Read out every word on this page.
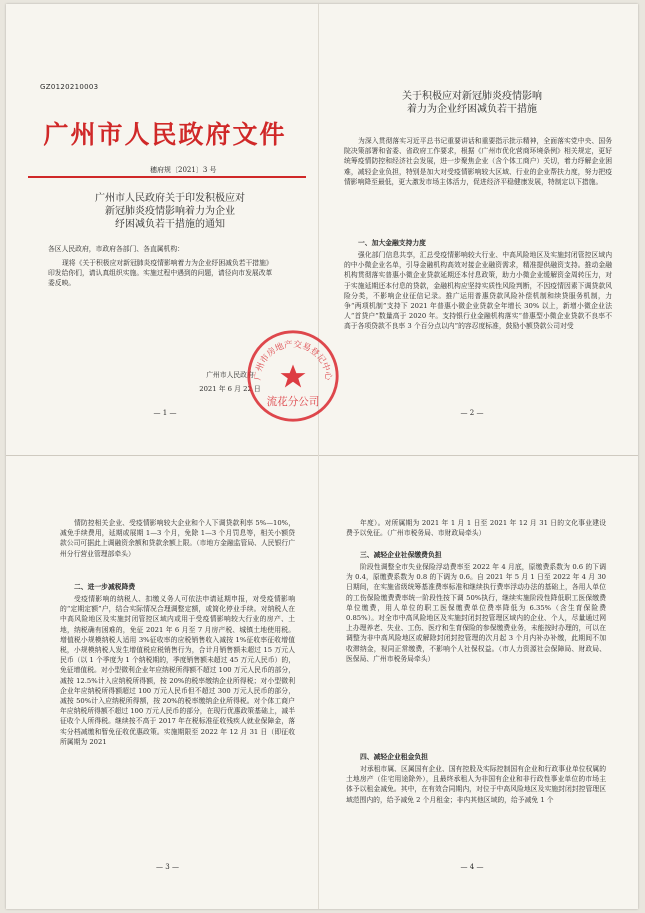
GZ0120210003
广州市人民政府文件
穗府规〔2021〕3 号
广州市人民政府关于印发积极应对
新冠肺炎疫情影响着力为企业
纾困减负若干措施的通知
各区人民政府，市政府各部门、各直属机构：
现将《关于积极应对新冠肺炎疫情影响着力为企业纾困减负若干措施》印发给你们，请认真组织实施。实施过程中遇到的问题，请径向市发展改革委反映。
广州市人民政府
2021 年 6 月 22 日
— 1 —
关于积极应对新冠肺炎疫情影响
着力为企业纾困减负若干措施
为深入贯彻落实习近平总书记重要讲话和重要指示批示精神，全面落实党中央、国务院决策部署和省委、省政府工作要求，根据《广州市优化营商环境条例》相关规定，更好统筹疫情防控和经济社会发展，进一步聚焦企业（含个体工商户）关切，着力纾解企业困难，减轻企业负担，特别是加大对受疫情影响较大区域、行业的企业帮扶力度，努力把疫情影响降至最低，更大激发市场主体活力，促进经济平稳健康发展，特制定以下措施。
一、加大金融支持力度
强化部门信息共享，汇总受疫情影响较大行业、中高风险地区及实施封闭管控区域内的中小微企业名单，引导金融机构高效对接企业融资需求，精准提供融资支持。推动金融机构贯彻落实普惠小微企业贷款延期还本付息政策，助力小微企业缓解资金周转压力，对于实施延期还本付息的贷款，金融机构应坚持实质性风险判断，不因疫情因素下调贷款风险分类，不影响企业征信记录。推广运用普惠贷款风险补偿机制和续贷服务机制，力争“两项机制”支持下 2021 年普惠小微企业贷款全年增长 30% 以上，新增小微企业法人“首贷户”数量高于 2020 年。支持银行业金融机构落实“普惠型小微企业贷款不良率不高于各项贷款不良率 3 个百分点以内”的容忍度标准，鼓励小额贷款公司对受
— 2 —
情防控相关企业、受疫情影响较大企业和个人下调贷款利率 5%—10%，减免手续费用，延期或展期 1—3 个月，免除 1—3 个月罚息等，相关小额贷款公司可据此上调融资余额和贷款余额上限。（市地方金融监管局、人民银行广州分行营业管理部牵头）
二、进一步减税降费
受疫情影响的纳税人、扣缴义务人可依法申请延期申报，对受疫情影响的“定期定额”户，结合实际情况合理调整定额，或简化停业手续。对纳税人在中高风险地区及实施封闭管控区域内或用于受疫情影响较大行业的房产、土地，纳税确有困难的，免征 2021 年 6 月至 7 月房产税、城镇土地使用税。增值税小规模纳税人适用 3%征收率的应税销售收入减按 1%征收率征收增值税，小规模纳税人发生增值税应税销售行为，合计月销售额未超过 15 万元人民币（以 1 个季度为 1 个纳税期的，季度销售额未超过 45 万元人民币）的，免征增值税。对小型微利企业年应纳税所得额不超过 100 万元人民币的部分，减按 12.5%计入应纳税所得额，按 20%的税率缴纳企业所得税；对小型微利企业年应纳税所得额超过 100 万元人民币但不超过 300 万元人民币的部分，减按 50%计入应纳税所得额，按 20%的税率缴纳企业所得税。对个体工商户年应纳税所得额不超过 100 万元人民币的部分，在现行优惠政策基础上，减半征收个人所得税。继续按不高于 2017 年在税标准征收残疾人就业保障金，落实分档减缴和暂免征收优惠政策。实施期限至 2022 年 12 月 31 日（即征收所属期为 2021
— 3 —
年度）。对所属期为 2021 年 1 月 1 日至 2021 年 12 月 31 日的文化事业建设费予以免征。（广州市税务局、市财政局牵头）
三、减轻企业社保缴费负担
阶段性调整全市失业保险浮动费率至 2022 年 4 月底，原缴费系数为 0.6 的下调为 0.4，原缴费系数为 0.8 的下调为 0.6。自 2021 年 5 月 1 日至 2022 年 4 月 30 日期间，在实施省级统筹基准费率标准和继续执行费率浮动办法的基础上，各用人单位的工伤保险缴费费率统一阶段性按下调 50%执行，继续实施阶段性降低职工医保缴费单位缴费，用人单位的职工医保缴费单位费率降低为 6.35%（含生育保险费 0.85%）。对全市中高风险地区及实施封闭封控管理区域内的企业、个人，尽量通过网上办理养老、失业、工伤、医疗和生育保险的参保缴费业务，未能按时办理的，可以在调整为非中高风险地区或解除封闭封控管理的次月起 3 个月内补办补缴，此期间不加收滞纳金，视同正常缴费，不影响个人社保权益。（市人力资源社会保障局、财政局、医保局、广州市税务局牵头）
四、减轻企业租金负担
对承租市属、区属国有企业、国有控股及实际控制国有企业和行政事业单位权属的土地房产（住宅用途除外），且最终承租人为非国有企业和非行政性事业单位的市场主体予以租金减免。其中，在有效合同期内，对位于中高风险地区及实施封闭封控管理区域范围内的，给予减免 2 个月租金；非内其他区域的，给予减免 1 个
— 4 —
广州市房地产交易登记中心
流花分公司
